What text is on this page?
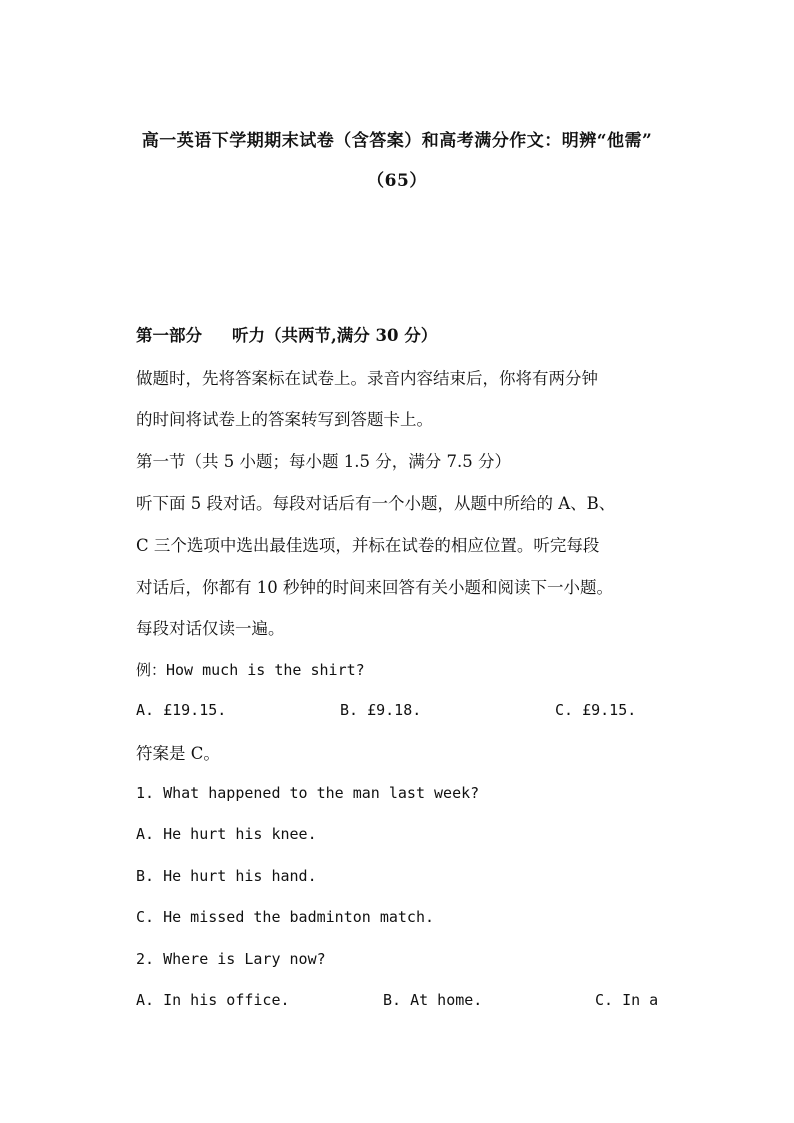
高一英语下学期期末试卷（含答案）和高考满分作文：明辨“他需”
（65）
第一部分 听力（共两节,满分 30 分）
做题时，先将答案标在试卷上。录音内容结束后，你将有两分钟
的时间将试卷上的答案转写到答题卡上。
第一节（共 5 小题；每小题 1.5 分，满分 7.5 分）
听下面 5 段对话。每段对话后有一个小题，从题中所给的 A、B、
C 三个选项中选出最佳选项，并标在试卷的相应位置。听完每段
对话后，你都有 10 秒钟的时间来回答有关小题和阅读下一小题。
每段对话仅读一遍。
例：How much is the shirt?
A. £19.15.	B. £9.18.	C. £9.15.
符案是 C。
1. What happened to the man last week?
A. He hurt his knee.
B. He hurt his hand.
C. He missed the badminton match.
2. Where is Lary now?
A. In his office.	B. At home.	C. In a
